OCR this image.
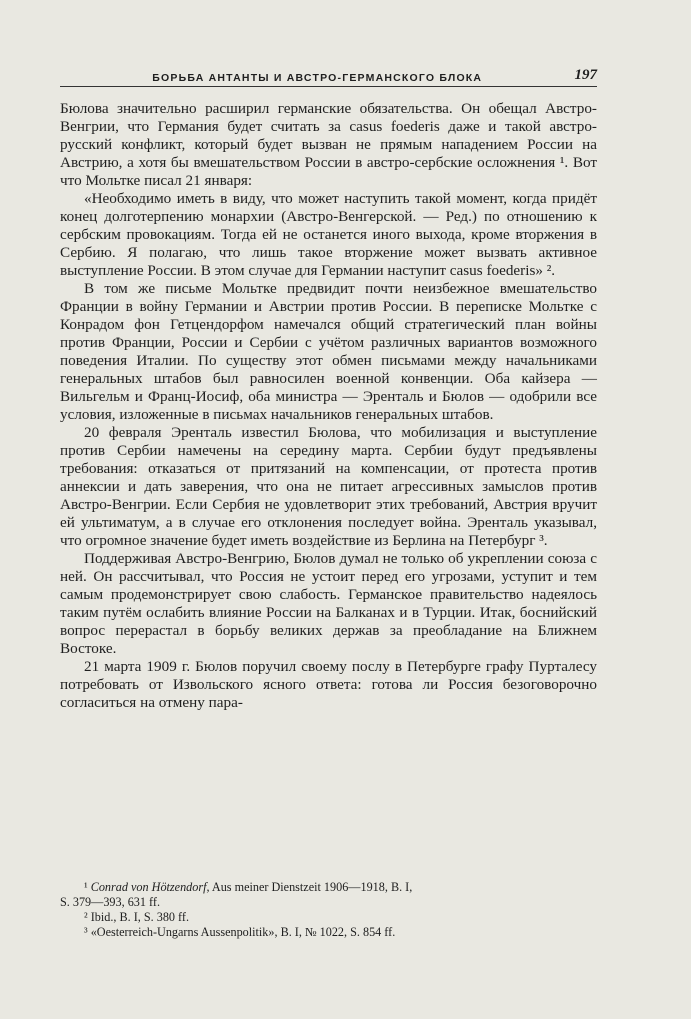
БОРЬБА АНТАНТЫ И АВСТРО-ГЕРМАНСКОГО БЛОКА	197

Бюлова значительно расширил германские обязательства. Он обещал Австро-Венгрии, что Германия будет считать за casus foederis даже и такой австро-русский конфликт, который будет вызван не прямым нападением России на Австрию, а хотя бы вмешательством России в австро-сербские осложнения ¹. Вот что Мольтке писал 21 января:

«Необходимо иметь в виду, что может наступить такой момент, когда придёт конец долготерпению монархии (Австро-Венгерской. — Ред.) по отношению к сербским провокациям. Тогда ей не останется иного выхода, кроме вторжения в Сербию. Я полагаю, что лишь такое вторжение может вызвать активное выступление России. В этом случае для Германии наступит casus foederis» ².

В том же письме Мольтке предвидит почти неизбежное вмешательство Франции в войну Германии и Австрии против России. В переписке Мольтке с Конрадом фон Гетцендорфом намечался общий стратегический план войны против Франции, России и Сербии с учётом различных вариантов возможного поведения Италии. По существу этот обмен письмами между начальниками генеральных штабов был равносилен военной конвенции. Оба кайзера — Вильгельм и Франц-Иосиф, оба министра — Эренталь и Бюлов — одобрили все условия, изложенные в письмах начальников генеральных штабов.

20 февраля Эренталь известил Бюлова, что мобилизация и выступление против Сербии намечены на середину марта. Сербии будут предъявлены требования: отказаться от притязаний на компенсации, от протеста против аннексии и дать заверения, что она не питает агрессивных замыслов против Австро-Венгрии. Если Сербия не удовлетворит этих требований, Австрия вручит ей ультиматум, а в случае его отклонения последует война. Эренталь указывал, что огромное значение будет иметь воздействие из Берлина на Петербург ³.

Поддерживая Австро-Венгрию, Бюлов думал не только об укреплении союза с ней. Он рассчитывал, что Россия не устоит перед его угрозами, уступит и тем самым продемонстрирует свою слабость. Германское правительство надеялось таким путём ослабить влияние России на Балканах и в Турции. Итак, боснийский вопрос перерастал в борьбу великих держав за преобладание на Ближнем Востоке.

21 марта 1909 г. Бюлов поручил своему послу в Петербурге графу Пурталесу потребовать от Извольского ясного ответа: готова ли Россия безоговорочно согласиться на отмену пара-

¹ Conrad von Hötzendorf, Aus meiner Dienstzeit 1906—1918, B. I,

S. 379—393, 631 ff.

² Ibid., B. I, S. 380 ff.

³ «Oesterreich-Ungarns Aussenpolitik», B. I, № 1022, S. 854 ff.
